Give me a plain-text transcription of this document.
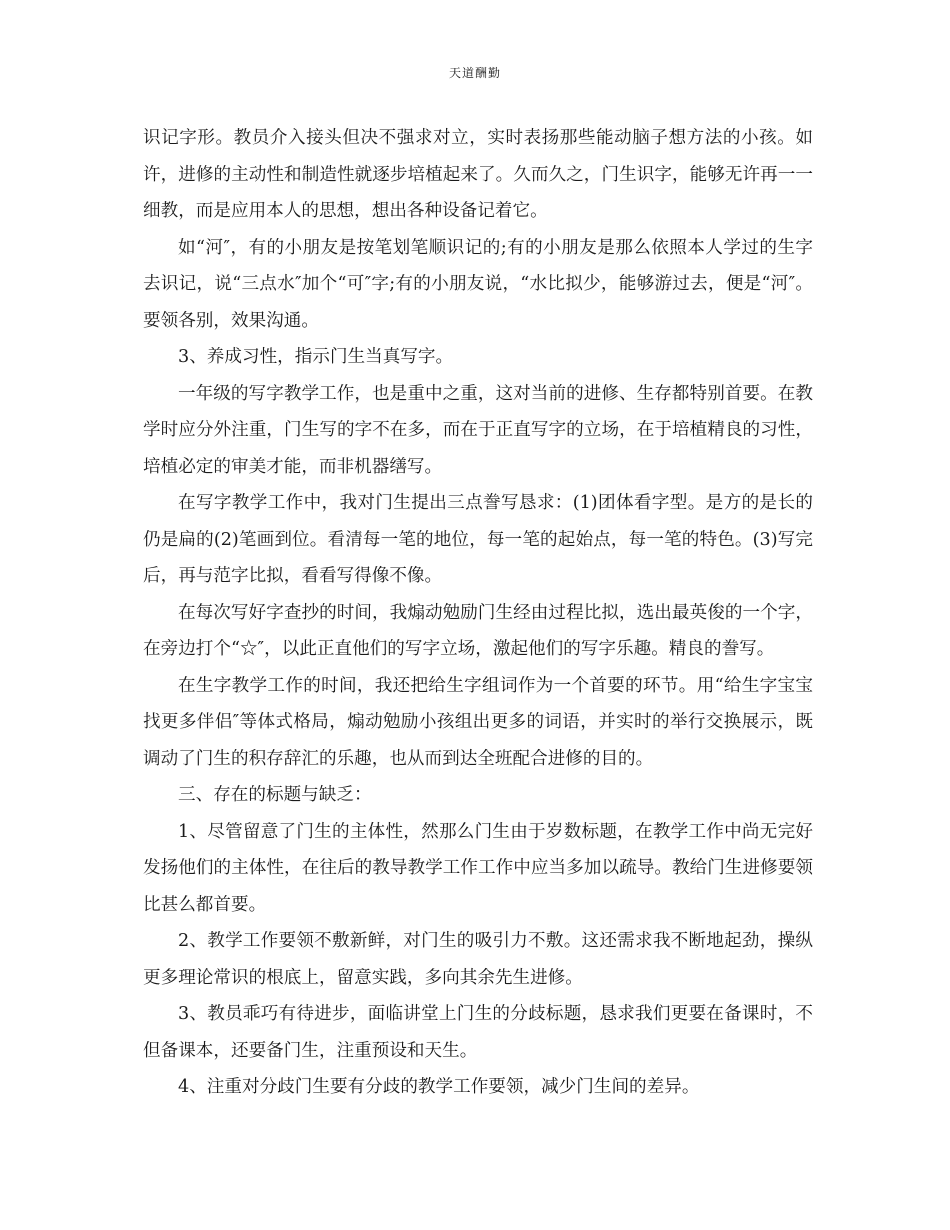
天道酬勤

识记字形。教员介入接头但决不强求对立，实时表扬那些能动脑子想方法的小孩。如许，进修的主动性和制造性就逐步培植起来了。久而久之，门生识字，能够无许再一一细教，而是应用本人的思想，想出各种设备记着它。

如“河″，有的小朋友是按笔划笔顺识记的;有的小朋友是那么依照本人学过的生字去识记，说“三点水″加个“可″字;有的小朋友说，“水比拟少，能够游过去，便是“河″。要领各别，效果沟通。

3、养成习性，指示门生当真写字。

一年级的写字教学工作，也是重中之重，这对当前的进修、生存都特别首要。在教学时应分外注重，门生写的字不在多，而在于正直写字的立场，在于培植精良的习性，培植必定的审美才能，而非机器缮写。

在写字教学工作中，我对门生提出三点誊写恳求：(1)团体看字型。是方的是长的仍是扁的(2)笔画到位。看清每一笔的地位，每一笔的起始点，每一笔的特色。(3)写完后，再与范字比拟，看看写得像不像。

在每次写好字查抄的时间，我煽动勉励门生经由过程比拟，选出最英俊的一个字，在旁边打个“☆″，以此正直他们的写字立场，激起他们的写字乐趣。精良的誊写。

在生字教学工作的时间，我还把给生字组词作为一个首要的环节。用“给生字宝宝找更多伴侣″等体式格局，煽动勉励小孩组出更多的词语，并实时的举行交换展示，既调动了门生的积存辞汇的乐趣，也从而到达全班配合进修的目的。

三、存在的标题与缺乏：

1、尽管留意了门生的主体性，然那么门生由于岁数标题，在教学工作中尚无完好发扬他们的主体性，在往后的教导教学工作工作中应当多加以疏导。教给门生进修要领比甚么都首要。

2、教学工作要领不敷新鲜，对门生的吸引力不敷。这还需求我不断地起劲，操纵更多理论常识的根底上，留意实践，多向其余先生进修。

3、教员乖巧有待进步，面临讲堂上门生的分歧标题，恳求我们更要在备课时，不但备课本，还要备门生，注重预设和天生。

4、注重对分歧门生要有分歧的教学工作要领，减少门生间的差异。
